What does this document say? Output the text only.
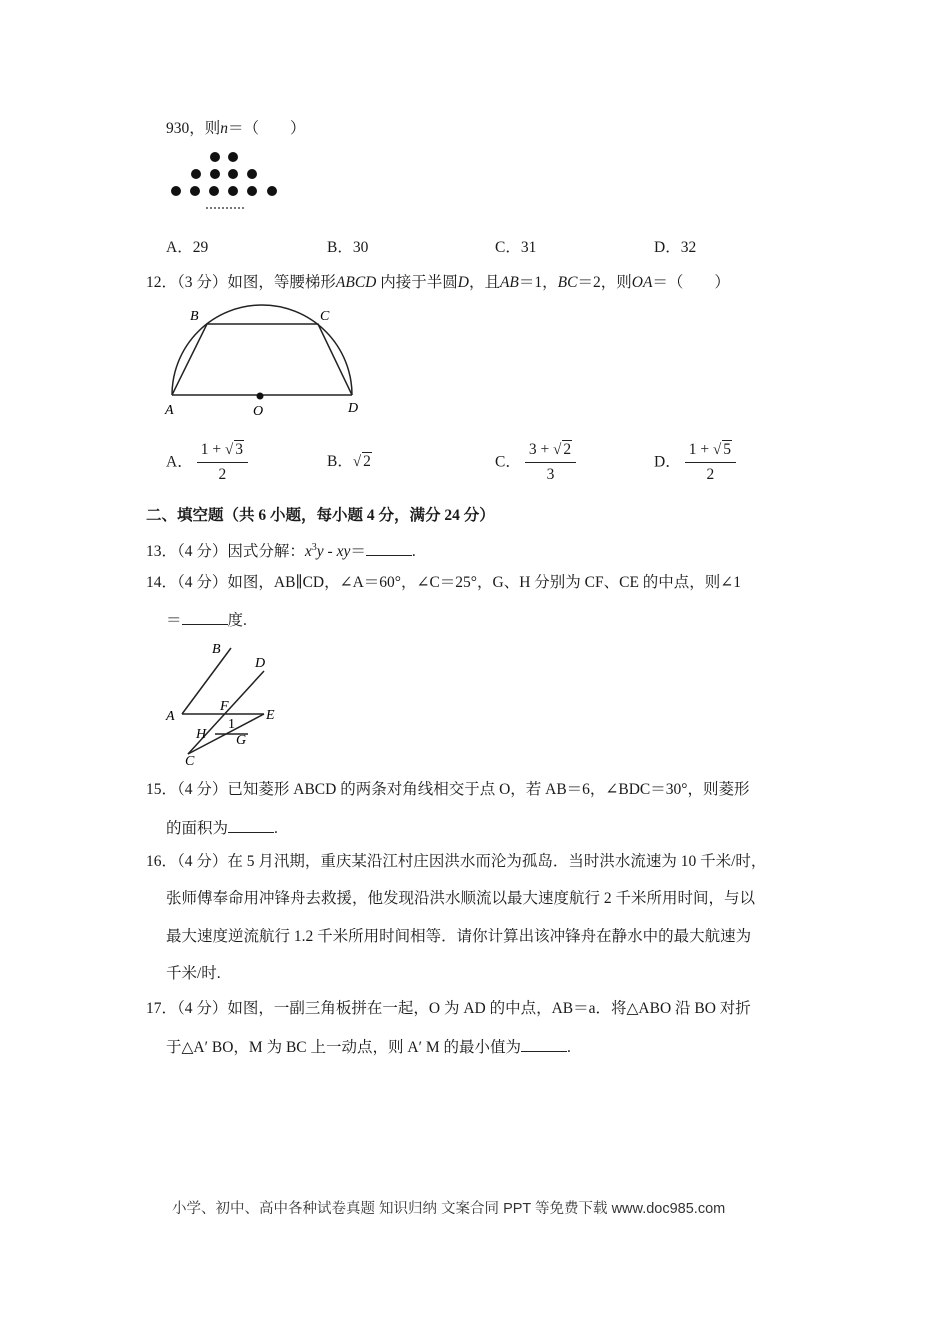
930，则n＝（　　）
A．29	B．30	C．31	D．32
12．（3 分）如图，等腰梯形ABCD 内接于半圆D，且AB＝1，BC＝2，则OA＝（　　）
A
B	C
D
O
A． $\frac{1 + √ 3}{2}$	B．√ 2	C． $\frac{3 + √ 2}{3}$	D． $\frac{1 + √ 5}{2}$
二、填空题（共 6 小题，每小题 4 分，满分 24 分）
13．（4 分）因式分解：$x^3y - xy=$	.
14．（4 分）如图，AB∥CD，∠A＝60°，∠C＝25°，G、H 分别为 CF、CE 的中点，则∠1
＝	度.
B
D
A
F
E
H
1
G
C
15．（4 分）已知菱形 ABCD 的两条对角线相交于点 O，若 AB＝6，∠BDC＝30°，则菱形
的面积为	.
16．（4 分）在 5 月汛期，重庆某沿江村庄因洪水而沦为孤岛．当时洪水流速为 10 千米/时，
张师傅奉命用冲锋舟去救援，他发现沿洪水顺流以最大速度航行 2 千米所用时间，与以
最大速度逆流航行 1.2 千米所用时间相等．请你计算出该冲锋舟在静水中的最大航速为
千米/时.
17．（4 分）如图，一副三角板拼在一起，O 为 AD 的中点，AB＝a．将△ABO 沿 BO 对折
于△A′ BO，M 为 BC 上一动点，则 A′ M 的最小值为	.
小学、初中、高中各种试卷真题 知识归纳 文案合同 PPT 等免费下载 www.doc985.com
